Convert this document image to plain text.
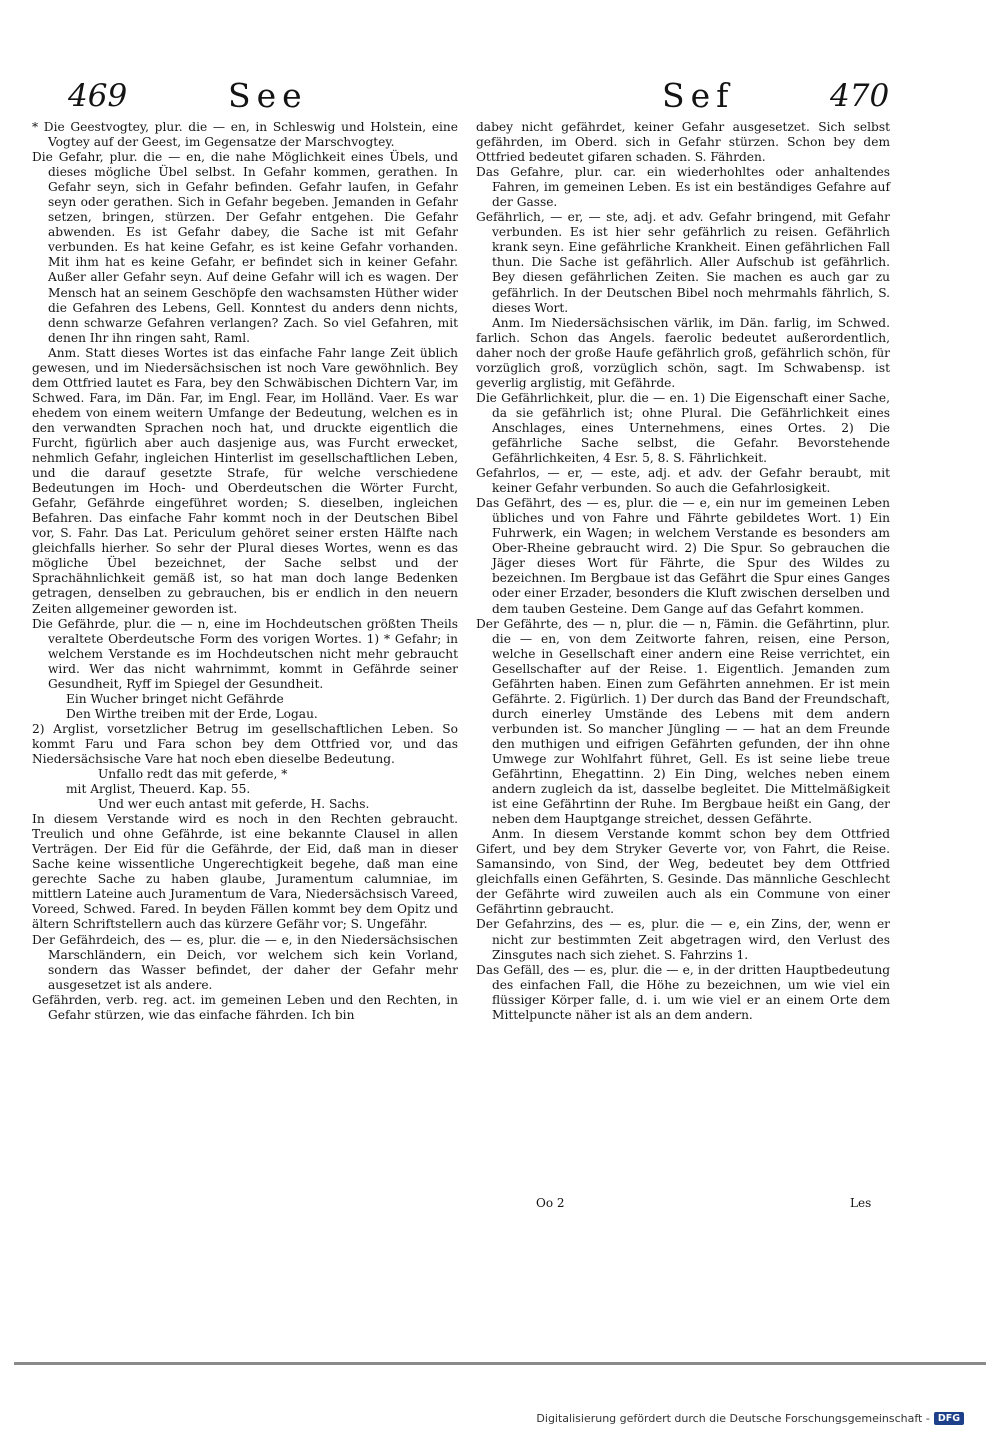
469	See	Sef	470

* Die Geestvogtey, plur. die — en, in Schleswig und Holstein, eine Vogtey auf der Geest, im Gegensatze der Marschvogtey.

Die Gefahr, plur. die — en, die nahe Möglichkeit eines Übels, und dieses mögliche Übel selbst. In Gefahr kommen, gerathen. In Gefahr seyn, sich in Gefahr befinden. Gefahr laufen, in Gefahr seyn oder gerathen. Sich in Gefahr begeben. Jemanden in Gefahr setzen, bringen, stürzen. Der Gefahr entgehen. Die Gefahr abwenden. Es ist Gefahr dabey, die Sache ist mit Gefahr verbunden. Es hat keine Gefahr, es ist keine Gefahr vorhanden. Mit ihm hat es keine Gefahr, er befindet sich in keiner Gefahr. Außer aller Gefahr seyn. Auf deine Gefahr will ich es wagen. Der Mensch hat an seinem Geschöpfe den wachsamsten Hüther wider die Gefahren des Lebens, Gell. Konntest du anders denn nichts, denn schwarze Gefahren verlangen? Zach. So viel Gefahren, mit denen Ihr ihn ringen saht, Raml.

Anm. Statt dieses Wortes ist das einfache Fahr lange Zeit üblich gewesen, und im Niedersächsischen ist noch Vare gewöhnlich. Bey dem Ottfried lautet es Fara, bey den Schwäbischen Dichtern Var, im Schwed. Fara, im Dän. Far, im Engl. Fear, im Holländ. Vaer. Es war ehedem von einem weitern Umfange der Bedeutung, welchen es in den verwandten Sprachen noch hat, und druckte eigentlich die Furcht, figürlich aber auch dasjenige aus, was Furcht erwecket, nehmlich Gefahr, ingleichen Hinterlist im gesellschaftlichen Leben, und die darauf gesetzte Strafe, für welche verschiedene Bedeutungen im Hoch- und Oberdeutschen die Wörter Furcht, Gefahr, Gefährde eingeführet worden; S. dieselben, ingleichen Befahren. Das einfache Fahr kommt noch in der Deutschen Bibel vor, S. Fahr. Das Lat. Periculum gehöret seiner ersten Hälfte nach gleichfalls hierher. So sehr der Plural dieses Wortes, wenn es das mögliche Übel bezeichnet, der Sache selbst und der Sprachähnlichkeit gemäß ist, so hat man doch lange Bedenken getragen, denselben zu gebrauchen, bis er endlich in den neuern Zeiten allgemeiner geworden ist.

Die Gefährde, plur. die — n, eine im Hochdeutschen größten Theils veraltete Oberdeutsche Form des vorigen Wortes. 1) * Gefahr; in welchem Verstande es im Hochdeutschen nicht mehr gebraucht wird. Wer das nicht wahrnimmt, kommt in Gefährde seiner Gesundheit, Ryff im Spiegel der Gesundheit.

Ein Wucher bringet nicht Gefährde

Den Wirthe treiben mit der Erde, Logau.

2) Arglist, vorsetzlicher Betrug im gesellschaftlichen Leben. So kommt Faru und Fara schon bey dem Ottfried vor, und das Niedersächsische Vare hat noch eben dieselbe Bedeutung.

Unfallo redt das mit geferde, *

mit Arglist, Theuerd. Kap. 55.

Und wer euch antast mit geferde, H. Sachs.

In diesem Verstande wird es noch in den Rechten gebraucht. Treulich und ohne Gefährde, ist eine bekannte Clausel in allen Verträgen. Der Eid für die Gefährde, der Eid, daß man in dieser Sache keine wissentliche Ungerechtigkeit begehe, daß man eine gerechte Sache zu haben glaube, Juramentum calumniae, im mittlern Lateine auch Juramentum de Vara, Niedersächsisch Vareed, Voreed, Schwed. Fared. In beyden Fällen kommt bey dem Opitz und ältern Schriftstellern auch das kürzere Gefähr vor; S. Ungefähr.

Der Gefährdeich, des — es, plur. die — e, in den Niedersächsischen Marschländern, ein Deich, vor welchem sich kein Vorland, sondern das Wasser befindet, der daher der Gefahr mehr ausgesetzet ist als andere.

Gefährden, verb. reg. act. im gemeinen Leben und den Rechten, in Gefahr stürzen, wie das einfache fährden. Ich bin

dabey nicht gefährdet, keiner Gefahr ausgesetzet. Sich selbst gefährden, im Oberd. sich in Gefahr stürzen. Schon bey dem Ottfried bedeutet gifaren schaden. S. Fährden.

Das Gefahre, plur. car. ein wiederhohltes oder anhaltendes Fahren, im gemeinen Leben. Es ist ein beständiges Gefahre auf der Gasse.

Gefährlich, — er, — ste, adj. et adv. Gefahr bringend, mit Gefahr verbunden. Es ist hier sehr gefährlich zu reisen. Gefährlich krank seyn. Eine gefährliche Krankheit. Einen gefährlichen Fall thun. Die Sache ist gefährlich. Aller Aufschub ist gefährlich. Bey diesen gefährlichen Zeiten. Sie machen es auch gar zu gefährlich. In der Deutschen Bibel noch mehrmahls fährlich, S. dieses Wort.

Anm. Im Niedersächsischen värlik, im Dän. farlig, im Schwed. farlich. Schon das Angels. faerolic bedeutet außerordentlich, daher noch der große Haufe gefährlich groß, gefährlich schön, für vorzüglich groß, vorzüglich schön, sagt. Im Schwabensp. ist geverlig arglistig, mit Gefährde.

Die Gefährlichkeit, plur. die — en. 1) Die Eigenschaft einer Sache, da sie gefährlich ist; ohne Plural. Die Gefährlichkeit eines Anschlages, eines Unternehmens, eines Ortes. 2) Die gefährliche Sache selbst, die Gefahr. Bevorstehende Gefährlichkeiten, 4 Esr. 5, 8. S. Fährlichkeit.

Gefahrlos, — er, — este, adj. et adv. der Gefahr beraubt, mit keiner Gefahr verbunden. So auch die Gefahrlosigkeit.

Das Gefährt, des — es, plur. die — e, ein nur im gemeinen Leben übliches und von Fahre und Fährte gebildetes Wort. 1) Ein Fuhrwerk, ein Wagen; in welchem Verstande es besonders am Ober-Rheine gebraucht wird. 2) Die Spur. So gebrauchen die Jäger dieses Wort für Fährte, die Spur des Wildes zu bezeichnen. Im Bergbaue ist das Gefährt die Spur eines Ganges oder einer Erzader, besonders die Kluft zwischen derselben und dem tauben Gesteine. Dem Gange auf das Gefahrt kommen.

Der Gefährte, des — n, plur. die — n, Fämin. die Gefährtinn, plur. die — en, von dem Zeitworte fahren, reisen, eine Person, welche in Gesellschaft einer andern eine Reise verrichtet, ein Gesellschafter auf der Reise. 1. Eigentlich. Jemanden zum Gefährten haben. Einen zum Gefährten annehmen. Er ist mein Gefährte. 2. Figürlich. 1) Der durch das Band der Freundschaft, durch einerley Umstände des Lebens mit dem andern verbunden ist. So mancher Jüngling — — hat an dem Freunde den muthigen und eifrigen Gefährten gefunden, der ihn ohne Umwege zur Wohlfahrt führet, Gell. Es ist seine liebe treue Gefährtinn, Ehegattinn. 2) Ein Ding, welches neben einem andern zugleich da ist, dasselbe begleitet. Die Mittelmäßigkeit ist eine Gefährtinn der Ruhe. Im Bergbaue heißt ein Gang, der neben dem Hauptgange streichet, dessen Gefährte.

Anm. In diesem Verstande kommt schon bey dem Ottfried Gifert, und bey dem Stryker Geverte vor, von Fahrt, die Reise. Samansindo, von Sind, der Weg, bedeutet bey dem Ottfried gleichfalls einen Gefährten, S. Gesinde. Das männliche Geschlecht der Gefährte wird zuweilen auch als ein Commune von einer Gefährtinn gebraucht.

Der Gefahrzins, des — es, plur. die — e, ein Zins, der, wenn er nicht zur bestimmten Zeit abgetragen wird, den Verlust des Zinsgutes nach sich ziehet. S. Fahrzins 1.

Das Gefäll, des — es, plur. die — e, in der dritten Hauptbedeutung des einfachen Fall, die Höhe zu bezeichnen, um wie viel ein flüssiger Körper falle, d. i. um wie viel er an einem Orte dem Mittelpuncte näher ist als an dem andern.

Oo 2	Les
Digitalisierung gefördert durch die Deutsche Forschungsgemeinschaft - DFG
